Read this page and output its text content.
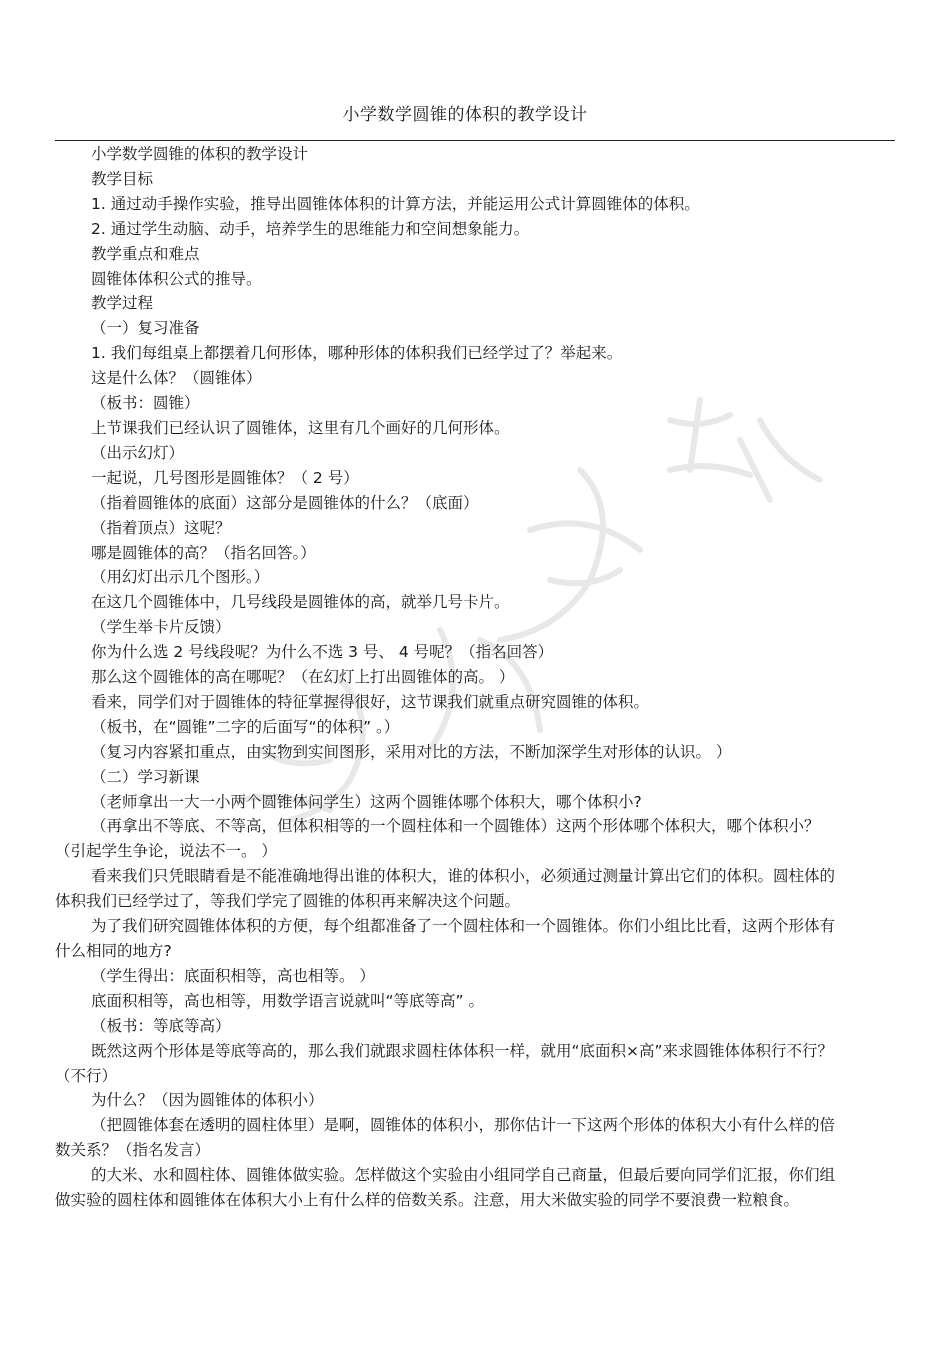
小学数学圆锥的体积的教学设计

小学数学圆锥的体积的教学设计

教学目标

1. 通过动手操作实验，推导出圆锥体体积的计算方法，并能运用公式计算圆锥体的体积。

2. 通过学生动脑、动手，培养学生的思维能力和空间想象能力。

教学重点和难点

圆锥体体积公式的推导。

教学过程

（一）复习准备

1. 我们每组桌上都摆着几何形体，哪种形体的体积我们已经学过了？举起来。

这是什么体？（圆锥体）

（板书：圆锥）

上节课我们已经认识了圆锥体，这里有几个画好的几何形体。

（出示幻灯）

一起说，几号图形是圆锥体？（ 2 号）

（指着圆锥体的底面）这部分是圆锥体的什么？（底面）

（指着顶点）这呢？

哪是圆锥体的高？（指名回答。）

（用幻灯出示几个图形。）

在这几个圆锥体中，几号线段是圆锥体的高，就举几号卡片。

（学生举卡片反馈）

你为什么选 2 号线段呢？为什么不选 3 号、 4 号呢？（指名回答）

那么这个圆锥体的高在哪呢？（在幻灯上打出圆锥体的高。 ）

看来，同学们对于圆锥体的特征掌握得很好，这节课我们就重点研究圆锥的体积。

（板书，在“圆锥”二字的后面写“的体积” 。）

（复习内容紧扣重点，由实物到实间图形，采用对比的方法，不断加深学生对形体的认识。 ）

（二）学习新课

（老师拿出一大一小两个圆锥体问学生）这两个圆锥体哪个体积大，哪个体积小?

（再拿出不等底、不等高，但体积相等的一个圆柱体和一个圆锥体）这两个形体哪个体积大，哪个体积小？（引起学生争论，说法不一。 ）

看来我们只凭眼睛看是不能准确地得出谁的体积大，谁的体积小，必须通过测量计算出它们的体积。圆柱体的体积我们已经学过了，等我们学完了圆锥的体积再来解决这个问题。

为了我们研究圆锥体体积的方便，每个组都准备了一个圆柱体和一个圆锥体。你们小组比比看，这两个形体有什么相同的地方?

（学生得出：底面积相等，高也相等。 ）

底面积相等，高也相等，用数学语言说就叫“等底等高” 。

（板书：等底等高）

既然这两个形体是等底等高的，那么我们就跟求圆柱体体积一样，就用“底面积×高”来求圆锥体体积行不行？（不行）

为什么？（因为圆锥体的体积小）

（把圆锥体套在透明的圆柱体里）是啊，圆锥体的体积小，那你估计一下这两个形体的体积大小有什么样的倍数关系？（指名发言）

的大米、水和圆柱体、圆锥体做实验。怎样做这个实验由小组同学自己商量，但最后要向同学们汇报，你们组做实验的圆柱体和圆锥体在体积大小上有什么样的倍数关系。注意，用大米做实验的同学不要浪费一粒粮食。
